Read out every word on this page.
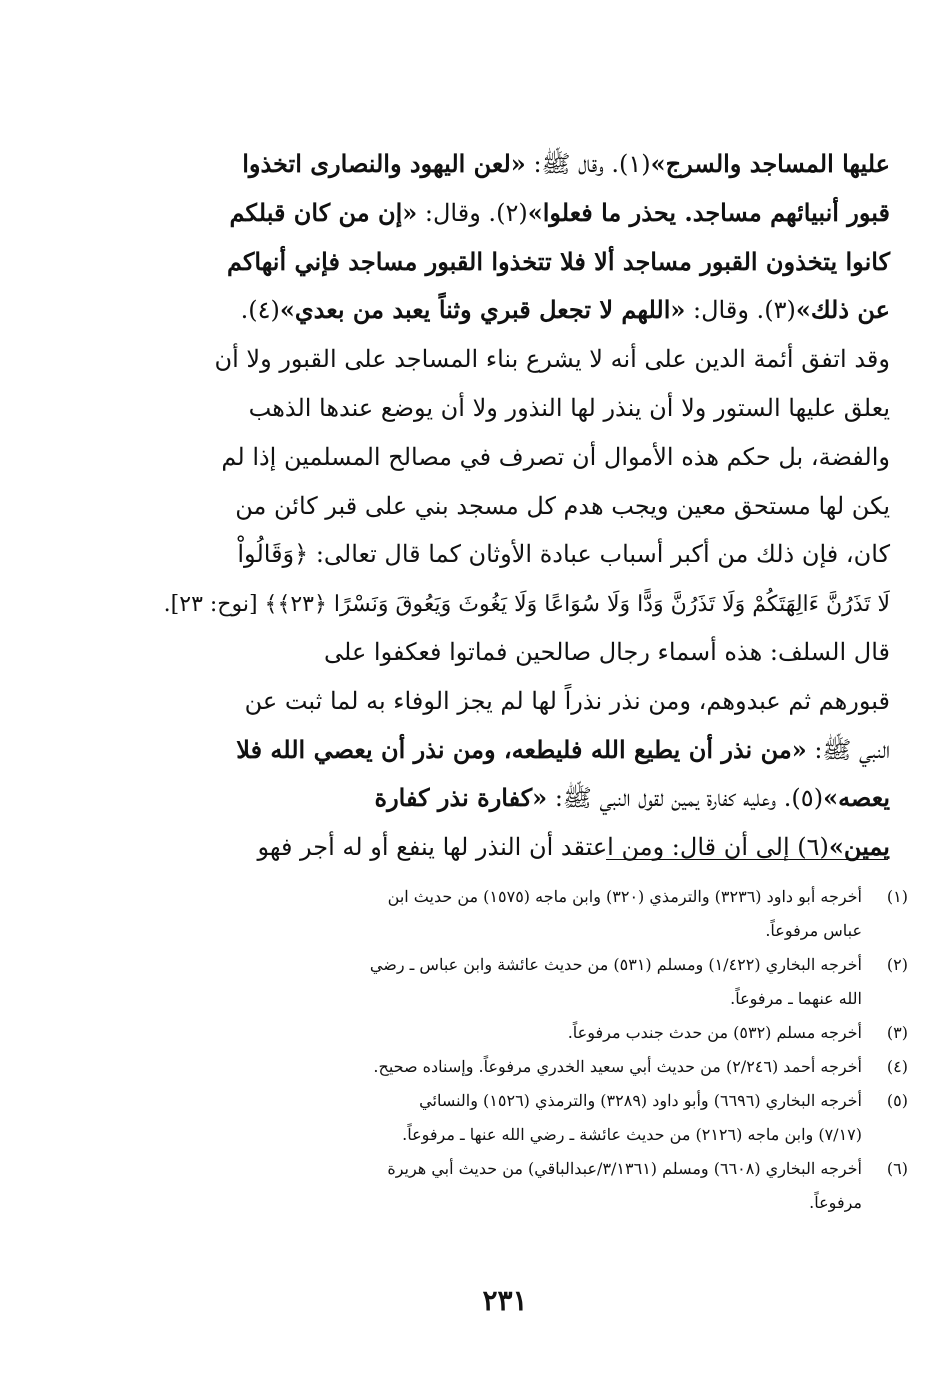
عليها المساجد والسرج»(١). وقال ﷺ: «لعن اليهود والنصارى اتخذوا
قبور أنبيائهم مساجد. يحذر ما فعلوا»(٢). وقال: «إن من كان قبلكم
كانوا يتخذون القبور مساجد ألا فلا تتخذوا القبور مساجد فإني أنهاكم
عن ذلك»(٣). وقال: «اللهم لا تجعل قبري وثناً يعبد من بعدي»(٤).
وقد اتفق أئمة الدين على أنه لا يشرع بناء المساجد على القبور ولا أن
يعلق عليها الستور ولا أن ينذر لها النذور ولا أن يوضع عندها الذهب
والفضة، بل حكم هذه الأموال أن تصرف في مصالح المسلمين إذا لم
يكن لها مستحق معين ويجب هدم كل مسجد بني على قبر كائن من
كان، فإن ذلك من أكبر أسباب عبادة الأوثان كما قال تعالى: ﴿وَقَالُواْ
لَا تَذَرُنَّ ءَالِهَتَكُمْ وَلَا تَذَرُنَّ وَدًّا وَلَا سُوَاعًا وَلَا يَغُوثَ وَيَعُوقَ وَنَسْرًا ﴿٢٣﴾﴾ [نوح: ٢٣].
قال السلف: هذه أسماء رجال صالحين فماتوا فعكفوا على
قبورهم ثم عبدوهم، ومن نذر نذراً لها لم يجز الوفاء به لما ثبت عن
النبي ﷺ: «من نذر أن يطيع الله فليطعه، ومن نذر أن يعصي الله فلا
يعصه»(٥). وعليه كفارة يمين لقول النبي ﷺ: «كفارة نذر كفارة
يمين»(٦) إلى أن قال: ومن اعتقد أن النذر لها ينفع أو له أجر فهو
(١)
أخرجه أبو داود (٣٢٣٦) والترمذي (٣٢٠) وابن ماجه (١٥٧٥) من حديث ابن
عباس مرفوعاً.
(٢)
أخرجه البخاري (١/٤٢٢) ومسلم (٥٣١) من حديث عائشة وابن عباس ـ رضي
الله عنهما ـ مرفوعاً.
(٣)
أخرجه مسلم (٥٣٢) من حدث جندب مرفوعاً.
(٤)
أخرجه أحمد (٢/٢٤٦) من حديث أبي سعيد الخدري مرفوعاً. وإسناده صحيح.
(٥)
أخرجه البخاري (٦٦٩٦) وأبو داود (٣٢٨٩) والترمذي (١٥٢٦) والنسائي
(٧/١٧) وابن ماجه (٢١٢٦) من حديث عائشة ـ رضي الله عنها ـ مرفوعاً.
(٦)
أخرجه البخاري (٦٦٠٨) ومسلم (٣/١٣٦١/عبدالباقي) من حديث أبي هريرة
مرفوعاً.
٢٣١
